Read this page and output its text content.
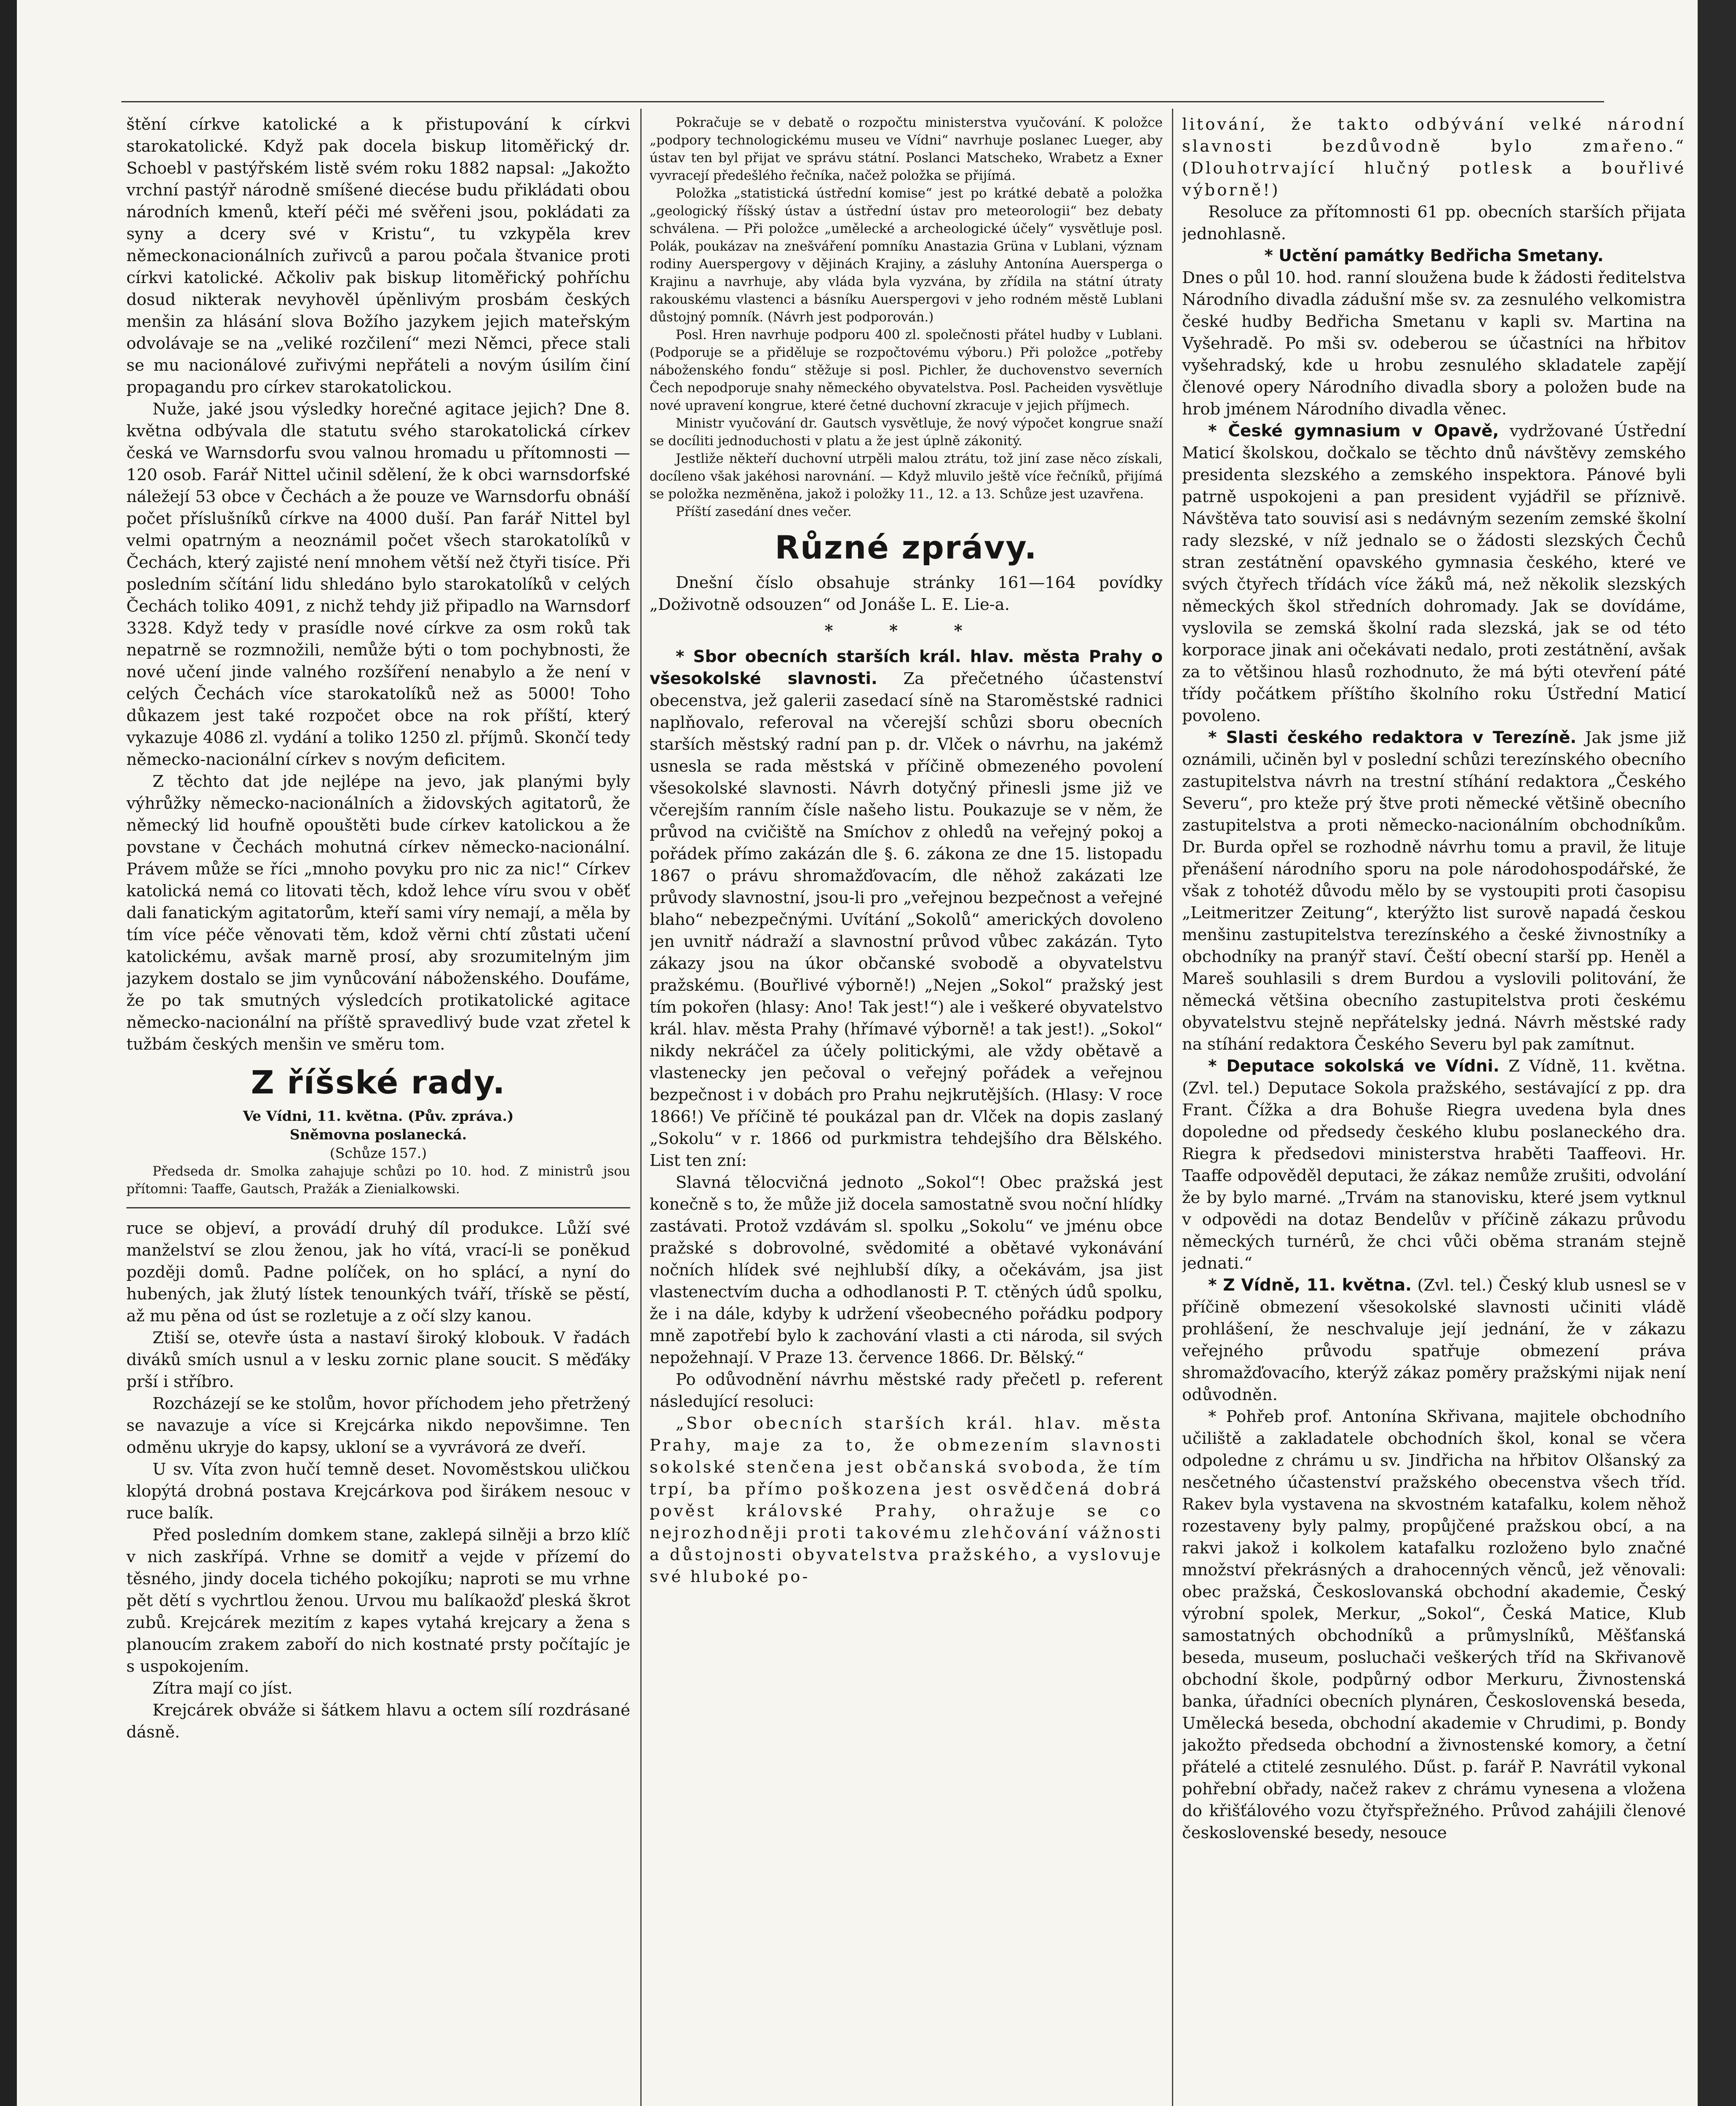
štění církve katolické a k přistupování k církvi starokatolické. Když pak docela biskup litoměřický dr. Schoebl v pastýřském listě svém roku 1882 napsal: „Jakožto vrchní pastýř národně smíšené diecése budu přikládati obou národních kmenů, kteří péči mé svěřeni jsou, pokládati za syny a dcery své v Kristu“, tu vzkypěla krev německonacionálních zuřivců a parou počala štvanice proti církvi katolické. Ačkoliv pak biskup litoměřický pohříchu dosud nikterak nevyhověl úpěnlivým prosbám českých menšin za hlásání slova Božího jazykem jejich mateřským odvolávaje se na „veliké rozčilení“ mezi Němci, přece stali se mu nacionálové zuřivými nepřáteli a novým úsilím činí propagandu pro církev starokatolickou.

Nuže, jaké jsou výsledky horečné agitace jejich? Dne 8. května odbývala dle statutu svého starokatolická církev česká ve Warnsdorfu svou valnou hromadu u přítomnosti — 120 osob. Farář Nittel učinil sdělení, že k obci warnsdorfské náležejí 53 obce v Čechách a že pouze ve Warnsdorfu obnáší počet příslušníků církve na 4000 duší. Pan farář Nittel byl velmi opatrným a neoznámil počet všech starokatolíků v Čechách, který zajisté není mnohem větší než čtyři tisíce. Při posledním sčítání lidu shledáno bylo starokatolíků v celých Čechách toliko 4091, z nichž tehdy již připadlo na Warnsdorf 3328. Když tedy v prasídle nové církve za osm roků tak nepatrně se rozmnožili, nemůže býti o tom pochybnosti, že nové učení jinde valného rozšíření nenabylo a že není v celých Čechách více starokatolíků než as 5000! Toho důkazem jest také rozpočet obce na rok příští, který vykazuje 4086 zl. vydání a toliko 1250 zl. příjmů. Skončí tedy německo-nacionální církev s novým deficitem.

Z těchto dat jde nejlépe na jevo, jak planými byly výhrůžky německo-nacionálních a židovských agitatorů, že německý lid houfně opouštěti bude církev katolickou a že povstane v Čechách mohutná církev německo-nacionální. Právem může se říci „mnoho povyku pro nic za nic!“ Církev katolická nemá co litovati těch, kdož lehce víru svou v oběť dali fanatickým agitatorům, kteří sami víry nemají, a měla by tím více péče věnovati těm, kdož věrni chtí zůstati učení katolickému, avšak marně prosí, aby srozumitelným jim jazykem dostalo se jim vynůcování náboženského. Doufáme, že po tak smutných výsledcích protikatolické agitace německo-nacionální na příště spravedlivý bude vzat zřetel k tužbám českých menšin ve směru tom.

Z říšské rady.

Ve Vídni, 11. května. (Pův. zpráva.)

Sněmovna poslanecká.

(Schůze 157.)

Předseda dr. Smolka zahajuje schůzi po 10. hod. Z ministrů jsou přítomni: Taaffe, Gautsch, Pražák a Zienialkowski.

ruce se objeví, a provádí druhý díl produkce. Lůží své manželství se zlou ženou, jak ho vítá, vrací-li se poněkud později domů. Padne políček, on ho splácí, a nyní do hubených, jak žlutý lístek tenounkých tváří, třískě se pěstí, až mu pěna od úst se rozletuje a z očí slzy kanou.

Ztiší se, otevře ústa a nastaví široký klobouk. V řadách diváků smích usnul a v lesku zornic plane soucit. S měďáky prší i stříbro.

Rozcházejí se ke stolům, hovor příchodem jeho přetržený se navazuje a více si Krejcárka nikdo nepovšimne. Ten odměnu ukryje do kapsy, ukloní se a vyvrávorá ze dveří.

U sv. Víta zvon hučí temně deset. Novoměstskou uličkou klopýtá drobná postava Krejcárkova pod širákem nesouc v ruce balík.

Před posledním domkem stane, zaklepá silněji a brzo klíč v nich zaskřípá. Vrhne se domitř a vejde v přízemí do těsného, jindy docela tichého pokojíku; naproti se mu vrhne pět dětí s vychrtlou ženou. Urvou mu balíkaožď pleská škrot zubů. Krejcárek mezitím z kapes vytahá krejcary a žena s planoucím zrakem zaboří do nich kostnaté prsty počítajíc je s uspokojením.

Zítra mají co jíst.

Krejcárek obváže si šátkem hlavu a octem sílí rozdrásané dásně.

Pokračuje se v debatě o rozpočtu ministerstva vyučování. K položce „podpory technologickému museu ve Vídni“ navrhuje poslanec Lueger, aby ústav ten byl přijat ve správu státní. Poslanci Matscheko, Wrabetz a Exner vyvracejí předešlého řečníka, načež položka se přijímá.

Položka „statistická ústřední komise“ jest po krátké debatě a položka „geologický říšský ústav a ústřední ústav pro meteorologii“ bez debaty schválena. — Při položce „umělecké a archeologické účely“ vysvětluje posl. Polák, poukázav na znešváření pomníku Anastazia Grüna v Lublani, význam rodiny Auerspergovy v dějinách Krajiny, a zásluhy Antonína Auersperga o Krajinu a navrhuje, aby vláda byla vyzvána, by zřídila na státní útraty rakouskému vlastenci a básníku Auerspergovi v jeho rodném městě Lublani důstojný pomník. (Návrh jest podporován.)

Posl. Hren navrhuje podporu 400 zl. společnosti přátel hudby v Lublani. (Podporuje se a přiděluje se rozpočtovému výboru.) Při položce „potřeby náboženského fondu“ stěžuje si posl. Pichler, že duchovenstvo severních Čech nepodporuje snahy německého obyvatelstva. Posl. Pacheiden vysvětluje nové upravení kongrue, které četné duchovní zkracuje v jejich příjmech.

Ministr vyučování dr. Gautsch vysvětluje, že nový výpočet kongrue snaží se docíliti jednoduchosti v platu a že jest úplně zákonitý.

Jestliže někteří duchovní utrpěli malou ztrátu, tož jiní zase něco získali, docíleno však jakéhosi narovnání. — Když mluvilo ještě více řečníků, přijímá se položka nezměněna, jakož i položky 11., 12. a 13. Schůze jest uzavřena.

Příští zasedání dnes večer.

Různé zprávy.

Dnešní číslo obsahuje stránky 161—164 povídky „Doživotně odsouzen“ od Jonáše L. E. Lie-a.

* * *

* Sbor obecních starších král. hlav. města Prahy o všesokolské slavnosti. Za přečetného účastenství obecenstva, jež galerii zasedací síně na Staroměstské radnici naplňovalo, referoval na včerejší schůzi sboru obecních starších městský radní pan p. dr. Vlček o návrhu, na jakémž usnesla se rada městská v příčině obmezeného povolení všesokolské slavnosti. Návrh dotyčný přinesli jsme již ve včerejším ranním čísle našeho listu. Poukazuje se v něm, že průvod na cvičiště na Smíchov z ohledů na veřejný pokoj a pořádek přímo zakázán dle §. 6. zákona ze dne 15. listopadu 1867 o právu shromažďovacím, dle něhož zakázati lze průvody slavnostní, jsou-li pro „veřejnou bezpečnost a veřejné blaho“ nebezpečnými. Uvítání „Sokolů“ amerických dovoleno jen uvnitř nádraží a slavnostní průvod vůbec zakázán. Tyto zákazy jsou na úkor občanské svobodě a obyvatelstvu pražskému. (Bouřlivé výborně!) „Nejen „Sokol“ pražský jest tím pokořen (hlasy: Ano! Tak jest!“) ale i veškeré obyvatelstvo král. hlav. města Prahy (hřímavé výborně! a tak jest!). „Sokol“ nikdy nekráčel za účely politickými, ale vždy obětavě a vlastenecky jen pečoval o veřejný pořádek a veřejnou bezpečnost i v dobách pro Prahu nejkrutějších. (Hlasy: V roce 1866!) Ve příčině té poukázal pan dr. Vlček na dopis zaslaný „Sokolu“ v r. 1866 od purkmistra tehdejšího dra Bělského. List ten zní:

Slavná tělocvičná jednoto „Sokol“! Obec pražská jest konečně s to, že může již docela samostatně svou noční hlídky zastávati. Protož vzdávám sl. spolku „Sokolu“ ve jménu obce pražské s dobrovolné, svědomité a obětavé vykonávání nočních hlídek své nejhlubší díky, a očekávám, jsa jist vlastenectvím ducha a odhodlanosti P. T. ctěných údů spolku, že i na dále, kdyby k udržení všeobecného pořádku podpory mně zapotřebí bylo k zachování vlasti a cti národa, sil svých nepožehnají. V Praze 13. července 1866. Dr. Bělský.“

Po odůvodnění návrhu městské rady přečetl p. referent následující resoluci:

„Sbor obecních starších král. hlav. města Prahy, maje za to, že obmezením slavnosti sokolské stenčena jest občanská svoboda, že tím trpí, ba přímo poškozena jest osvědčená dobrá pověst královské Prahy, ohražuje se co nejrozhodněji proti takovému zlehčování vážnosti a důstojnosti obyvatelstva pražského, a vyslovuje své hluboké po-

litování, že takto odbývání velké národní slavnosti bezdůvodně bylo zmařeno.“ (Dlouhotrvající hlučný potlesk a bouřlivé výborně!)

Resoluce za přítomnosti 61 pp. obecních starších přijata jednohlasně.

* Uctění památky Bedřicha Smetany.

Dnes o půl 10. hod. ranní sloužena bude k žádosti ředitelstva Národního divadla zádušní mše sv. za zesnulého velkomistra české hudby Bedřicha Smetanu v kapli sv. Martina na Vyšehradě. Po mši sv. odeberou se účastníci na hřbitov vyšehradský, kde u hrobu zesnulého skladatele zapějí členové opery Národního divadla sbory a položen bude na hrob jménem Národního divadla věnec.

* České gymnasium v Opavě, vydržované Ústřední Maticí školskou, dočkalo se těchto dnů návštěvy zemského presidenta slezského a zemského inspektora. Pánové byli patrně uspokojeni a pan president vyjádřil se příznivě. Návštěva tato souvisí asi s nedávným sezením zemské školní rady slezské, v níž jednalo se o žádosti slezských Čechů stran zestátnění opavského gymnasia českého, které ve svých čtyřech třídách více žáků má, než několik slezských německých škol středních dohromady. Jak se dovídáme, vyslovila se zemská školní rada slezská, jak se od této korporace jinak ani očekávati nedalo, proti zestátnění, avšak za to většinou hlasů rozhodnuto, že má býti otevření páté třídy počátkem příštího školního roku Ústřední Maticí povoleno.

* Slasti českého redaktora v Terezíně. Jak jsme již oznámili, učiněn byl v poslední schůzi terezínského obecního zastupitelstva návrh na trestní stíhání redaktora „Českého Severu“, pro kteže prý štve proti německé většině obecního zastupitelstva a proti německo-nacionálním obchodníkům. Dr. Burda opřel se rozhodně návrhu tomu a pravil, že lituje přenášení národního sporu na pole národohospodářské, že však z tohotéž důvodu mělo by se vystoupiti proti časopisu „Leitmeritzer Zeitung“, kterýžto list surově napadá českou menšinu zastupitelstva terezínského a české živnostníky a obchodníky na pranýř staví. Čeští obecní starší pp. Heněl a Mareš souhlasili s drem Burdou a vyslovili politování, že německá většina obecního zastupitelstva proti českému obyvatelstvu stejně nepřátelsky jedná. Návrh městské rady na stíhání redaktora Českého Severu byl pak zamítnut.

* Deputace sokolská ve Vídni. Z Vídně, 11. května. (Zvl. tel.) Deputace Sokola pražského, sestávající z pp. dra Frant. Čížka a dra Bohuše Riegra uvedena byla dnes dopoledne od předsedy českého klubu poslaneckého dra. Riegra k předsedovi ministerstva hraběti Taaffeovi. Hr. Taaffe odpověděl deputaci, že zákaz nemůže zrušiti, odvolání že by bylo marné. „Trvám na stanovisku, které jsem vytknul v odpovědi na dotaz Bendelův v příčině zákazu průvodu německých turnérů, že chci vůči oběma stranám stejně jednati.“

* Z Vídně, 11. května. (Zvl. tel.) Český klub usnesl se v příčině obmezení všesokolské slavnosti učiniti vládě prohlášení, že neschvaluje její jednání, že v zákazu veřejného průvodu spatřuje obmezení práva shromažďovacího, kterýž zákaz poměry pražskými nijak není odůvodněn.

* Pohřeb prof. Antonína Skřivana, majitele obchodního učiliště a zakladatele obchodních škol, konal se včera odpoledne z chrámu u sv. Jindřicha na hřbitov Olšanský za nesčetného účastenství pražského obecenstva všech tříd. Rakev byla vystavena na skvostném katafalku, kolem něhož rozestaveny byly palmy, propůjčené pražskou obcí, a na rakvi jakož i kolkolem katafalku rozloženo bylo značné množství překrásných a drahocenných věnců, jež věnovali: obec pražská, Českoslovanská obchodní akademie, Český výrobní spolek, Merkur, „Sokol“, Česká Matice, Klub samostatných obchodníků a průmyslníků, Měšťanská beseda, museum, posluchači veškerých tříd na Skřivanově obchodní škole, podpůrný odbor Merkuru, Živnostenská banka, úřadníci obecních plynáren, Československá beseda, Umělecká beseda, obchodní akademie v Chrudimi, p. Bondy jakožto předseda obchodní a živnostenské komory, a četní přátelé a ctitelé zesnulého. Dűst. p. farář P. Navrátil vykonal pohřební obřady, načež rakev z chrámu vynesena a vložena do křišťálového vozu čtyřspřežného. Průvod zahájili členové československé besedy, nesoucе
